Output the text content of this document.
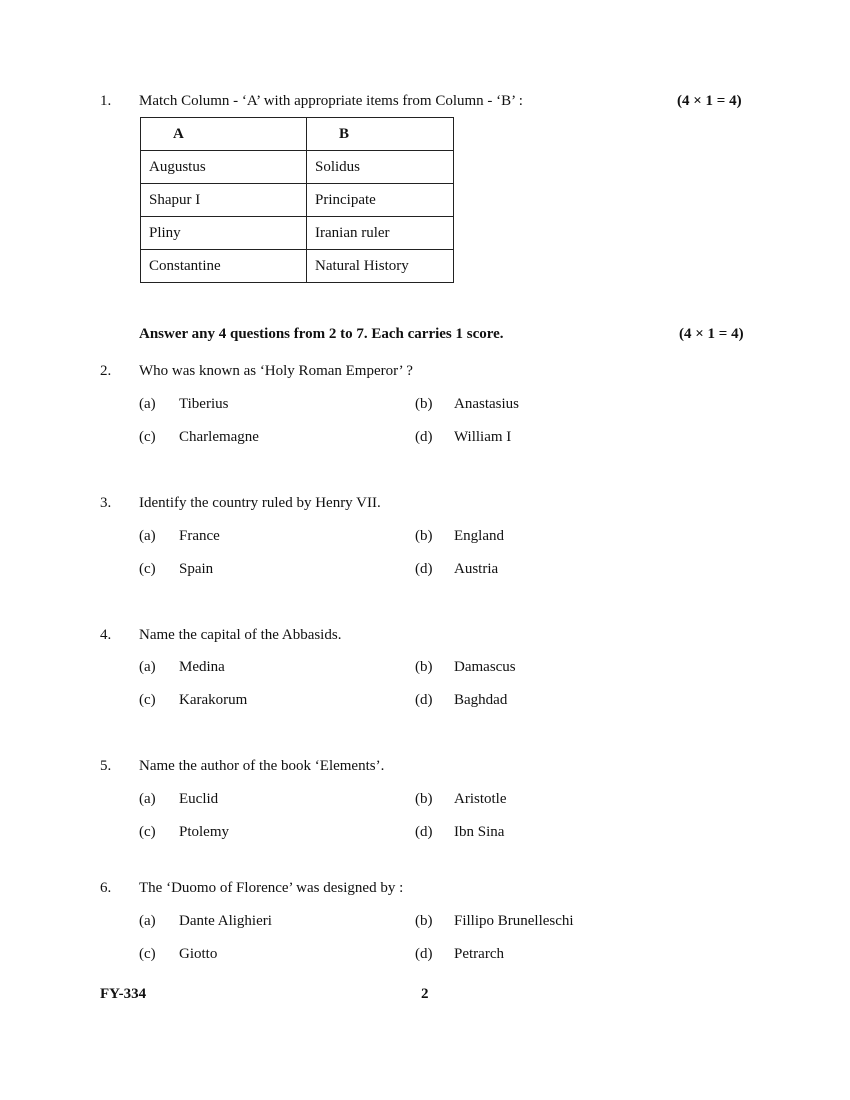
1. Match Column - ‘A’ with appropriate items from Column - ‘B’ :	(4 × 1 = 4)
A	B
Augustus	Solidus
Shapur I	Principate
Pliny	Iranian ruler
Constantine	Natural History
Answer any 4 questions from 2 to 7. Each carries 1 score.	(4 × 1 = 4)
2. Who was known as ‘Holy Roman Emperor’ ?
(a) Tiberius	(b) Anastasius
(c) Charlemagne	(d) William I
3. Identify the country ruled by Henry VII.
(a) France	(b) England
(c) Spain	(d) Austria
4. Name the capital of the Abbasids.
(a) Medina	(b) Damascus
(c) Karakorum	(d) Baghdad
5. Name the author of the book ‘Elements’.
(a) Euclid	(b) Aristotle
(c) Ptolemy	(d) Ibn Sina
6. The ‘Duomo of Florence’ was designed by :
(a) Dante Alighieri	(b) Fillipo Brunelleschi
(c) Giotto	(d) Petrarch
FY-334	2
